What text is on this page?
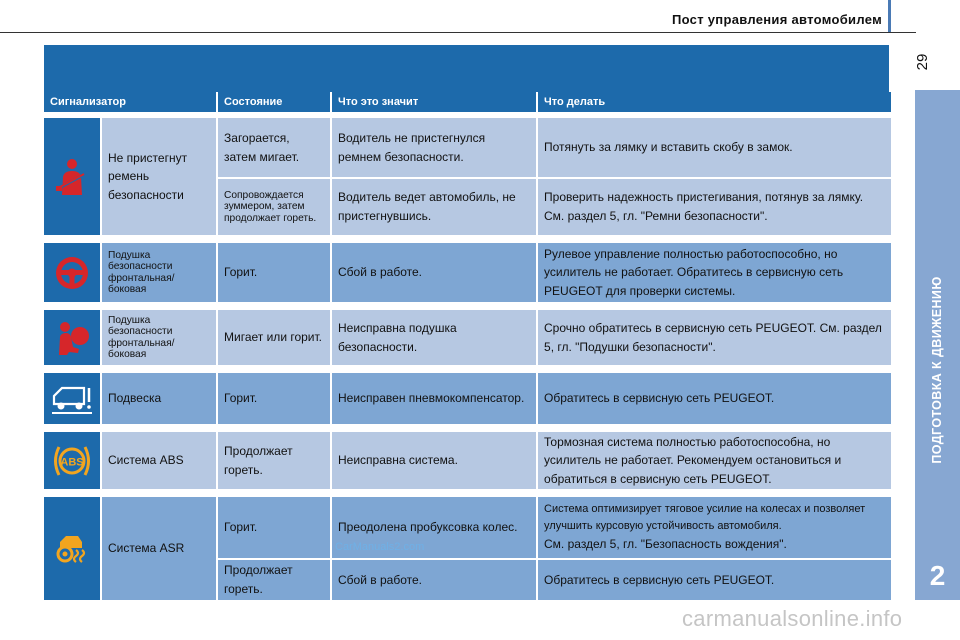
Пост управления автомобилем
29
ПОДГОТОВКА К ДВИЖЕНИЮ
2
Сигнализатор		Состояние	Что это значит	Что делать

	Не пристегнут ремень безопасности	Загорается, затем мигает.	Водитель не пристегнулся ремнем безопасности.	Потянуть за лямку и вставить скобу в замок.
		Сопровождается зуммером, затем продолжает гореть.	Водитель ведет автомобиль, не пристегнувшись.	Проверить надежность пристегивания, потянув за лямку. См. раздел 5, гл. "Ремни безопасности".

	Подушка безопасности фронтальная/ боковая	Горит.	Сбой в работе.	Рулевое управление полностью работоспособно, но усилитель не работает. Обратитесь в сервисную сеть PEUGEOT для проверки системы.

	Подушка безопасности фронтальная/ боковая	Мигает или горит.	Неисправна подушка безопасности.	Срочно обратитесь в сервисную сеть PEUGEOT. См. раздел 5, гл. "Подушки безопасности".

	Подвеска	Горит.	Неисправен пневмокомпенсатор.	Обратитесь в сервисную сеть PEUGEOT.

ABS	Система ABS	Продолжает гореть.	Неисправна система.	Тормозная система полностью работоспособна, но усилитель не работает. Рекомендуем остановиться и обратиться в сервисную сеть PEUGEOT.

	Система ASR	Горит.	Преодолена пробуксовка колес.	Система оптимизирует тяговое усилие на колесах и позволяет улучшить курсовую устойчивость автомобиля.
См. раздел 5, гл. "Безопасность вождения".

		Продолжает гореть.	Сбой в работе.	Обратитесь в сервисную сеть PEUGEOT.
CarManuals2.com
carmanualsonline.info
